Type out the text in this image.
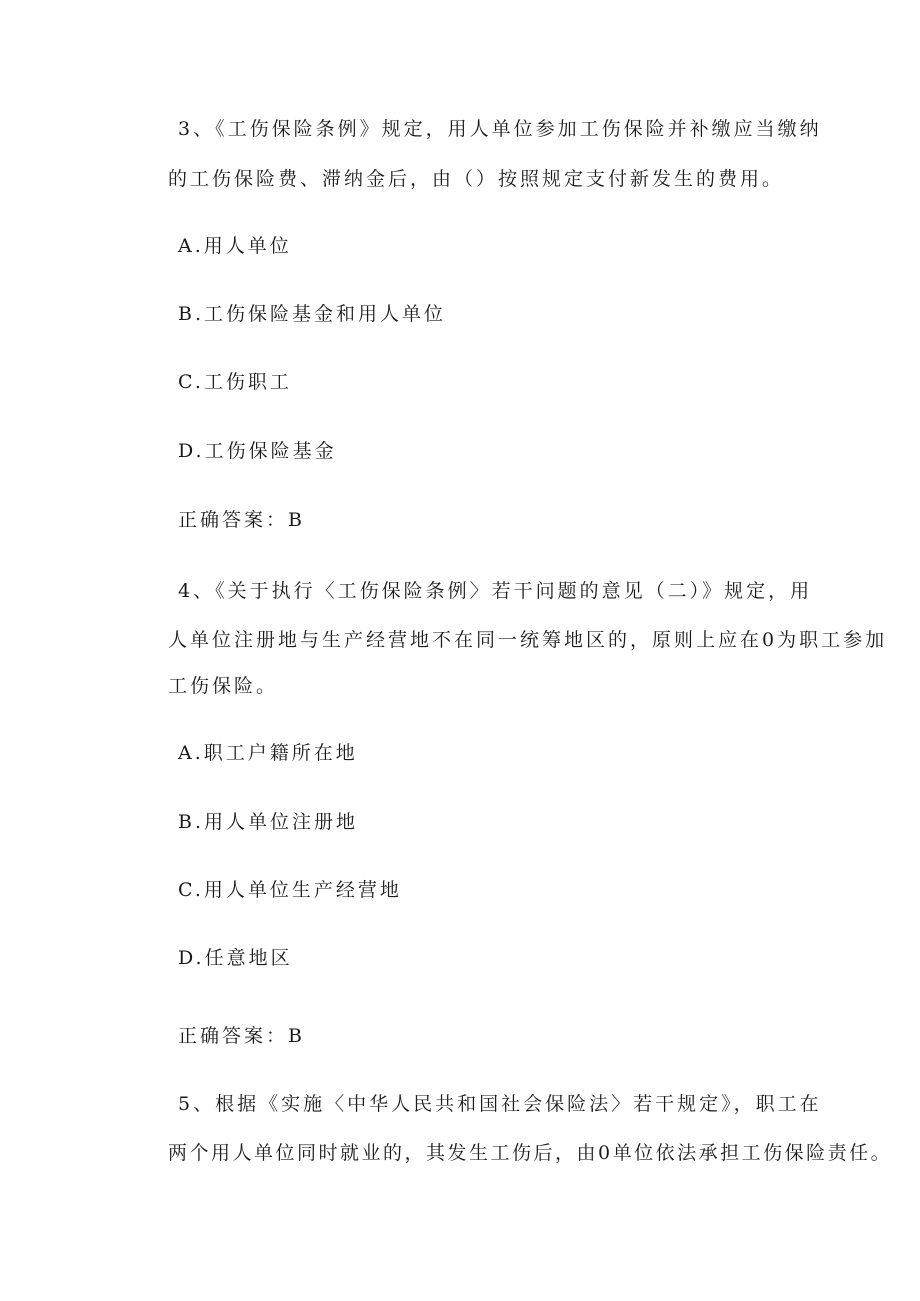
3、《工伤保险条例》规定，用人单位参加工伤保险并补缴应当缴纳
的工伤保险费、滞纳金后，由（）按照规定支付新发生的费用。
A.用人单位
B.工伤保险基金和用人单位
C.工伤职工
D.工伤保险基金
正确答案：B
4、《关于执行〈工伤保险条例〉若干问题的意见（二）》规定，用
人单位注册地与生产经营地不在同一统筹地区的，原则上应在0为职工参加
工伤保险。
A.职工户籍所在地
B.用人单位注册地
C.用人单位生产经营地
D.任意地区
正确答案：B
5、根据《实施〈中华人民共和国社会保险法〉若干规定》，职工在
两个用人单位同时就业的，其发生工伤后，由0单位依法承担工伤保险责任。
